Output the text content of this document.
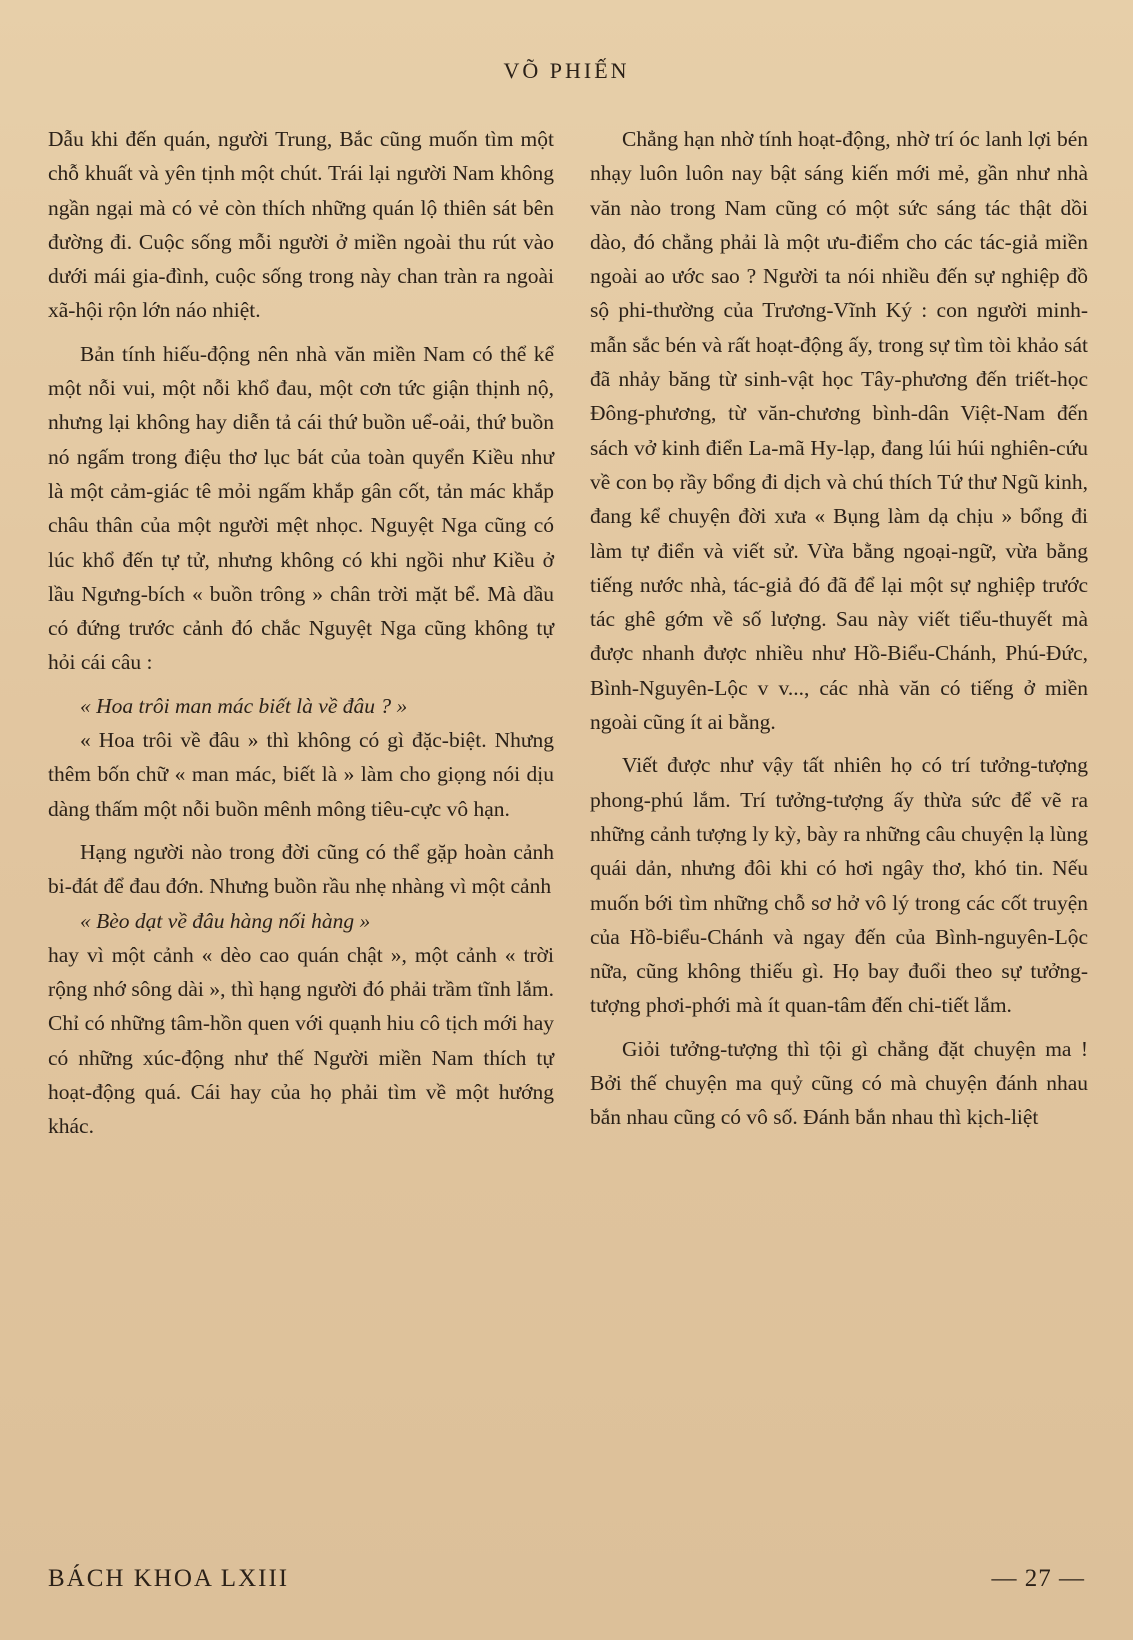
VÕ PHIẾN

Dẫu khi đến quán, người Trung, Bắc cũng muốn tìm một chỗ khuất và yên tịnh một chút. Trái lại người Nam không ngần ngại mà có vẻ còn thích những quán lộ thiên sát bên đường đi. Cuộc sống mỗi người ở miền ngoài thu rút vào dưới mái gia-đình, cuộc sống trong này chan tràn ra ngoài xã-hội rộn lớn náo nhiệt.

Bản tính hiếu-động nên nhà văn miền Nam có thể kể một nỗi vui, một nỗi khổ đau, một cơn tức giận thịnh nộ, nhưng lại không hay diễn tả cái thứ buồn uể-oải, thứ buồn nó ngấm trong điệu thơ lục bát của toàn quyển Kiều như là một cảm-giác tê mỏi ngấm khắp gân cốt, tản mác khắp châu thân của một người mệt nhọc. Nguyệt Nga cũng có lúc khổ đến tự tử, nhưng không có khi ngồi như Kiều ở lầu Ngưng-bích « buồn trông » chân trời mặt bể. Mà dầu có đứng trước cảnh đó chắc Nguyệt Nga cũng không tự hỏi cái câu :

« Hoa trôi man mác biết là về đâu ? »

« Hoa trôi về đâu » thì không có gì đặc-biệt. Nhưng thêm bốn chữ « man mác, biết là » làm cho giọng nói dịu dàng thấm một nỗi buồn mênh mông tiêu-cực vô hạn.

Hạng người nào trong đời cũng có thể gặp hoàn cảnh bi-đát để đau đớn. Nhưng buồn rầu nhẹ nhàng vì một cảnh

« Bèo dạt về đâu hàng nối hàng »

hay vì một cảnh « dèo cao quán chật », một cảnh « trời rộng nhớ sông dài », thì hạng người đó phải trầm tĩnh lắm. Chỉ có những tâm-hồn quen với quạnh hiu cô tịch mới hay có những xúc-động như thế Người miền Nam thích tự hoạt-động quá. Cái hay của họ phải tìm về một hướng khác.

Chẳng hạn nhờ tính hoạt-động, nhờ trí óc lanh lợi bén nhạy luôn luôn nay bật sáng kiến mới mẻ, gần như nhà văn nào trong Nam cũng có một sức sáng tác thật dồi dào, đó chẳng phải là một ưu-điểm cho các tác-giả miền ngoài ao ước sao ? Người ta nói nhiều đến sự nghiệp đồ sộ phi-thường của Trương-Vĩnh Ký : con người minh-mẫn sắc bén và rất hoạt-động ấy, trong sự tìm tòi khảo sát đã nhảy băng từ sinh-vật học Tây-phương đến triết-học Đông-phương, từ văn-chương bình-dân Việt-Nam đến sách vở kinh điển La-mã Hy-lạp, đang lúi húi nghiên-cứu về con bọ rầy bổng đi dịch và chú thích Tứ thư Ngũ kinh, đang kể chuyện đời xưa « Bụng làm dạ chịu » bổng đi làm tự điển và viết sử. Vừa bằng ngoại-ngữ, vừa bằng tiếng nước nhà, tác-giả đó đã để lại một sự nghiệp trước tác ghê gớm về số lượng. Sau này viết tiểu-thuyết mà được nhanh được nhiều như Hồ-Biểu-Chánh, Phú-Đức, Bình-Nguyên-Lộc v v..., các nhà văn có tiếng ở miền ngoài cũng ít ai bằng.

Viết được như vậy tất nhiên họ có trí tưởng-tượng phong-phú lắm. Trí tưởng-tượng ấy thừa sức để vẽ ra những cảnh tượng ly kỳ, bày ra những câu chuyện lạ lùng quái dản, nhưng đôi khi có hơi ngây thơ, khó tin. Nếu muốn bới tìm những chỗ sơ hở vô lý trong các cốt truyện của Hồ-biểu-Chánh và ngay đến của Bình-nguyên-Lộc nữa, cũng không thiếu gì. Họ bay đuổi theo sự tưởng-tượng phơi-phới mà ít quan-tâm đến chi-tiết lắm.

Giỏi tưởng-tượng thì tội gì chẳng đặt chuyện ma ! Bởi thế chuyện ma quỷ cũng có mà chuyện đánh nhau bắn nhau cũng có vô số. Đánh bắn nhau thì kịch-liệt

BÁCH KHOA LXIII	— 27 —
